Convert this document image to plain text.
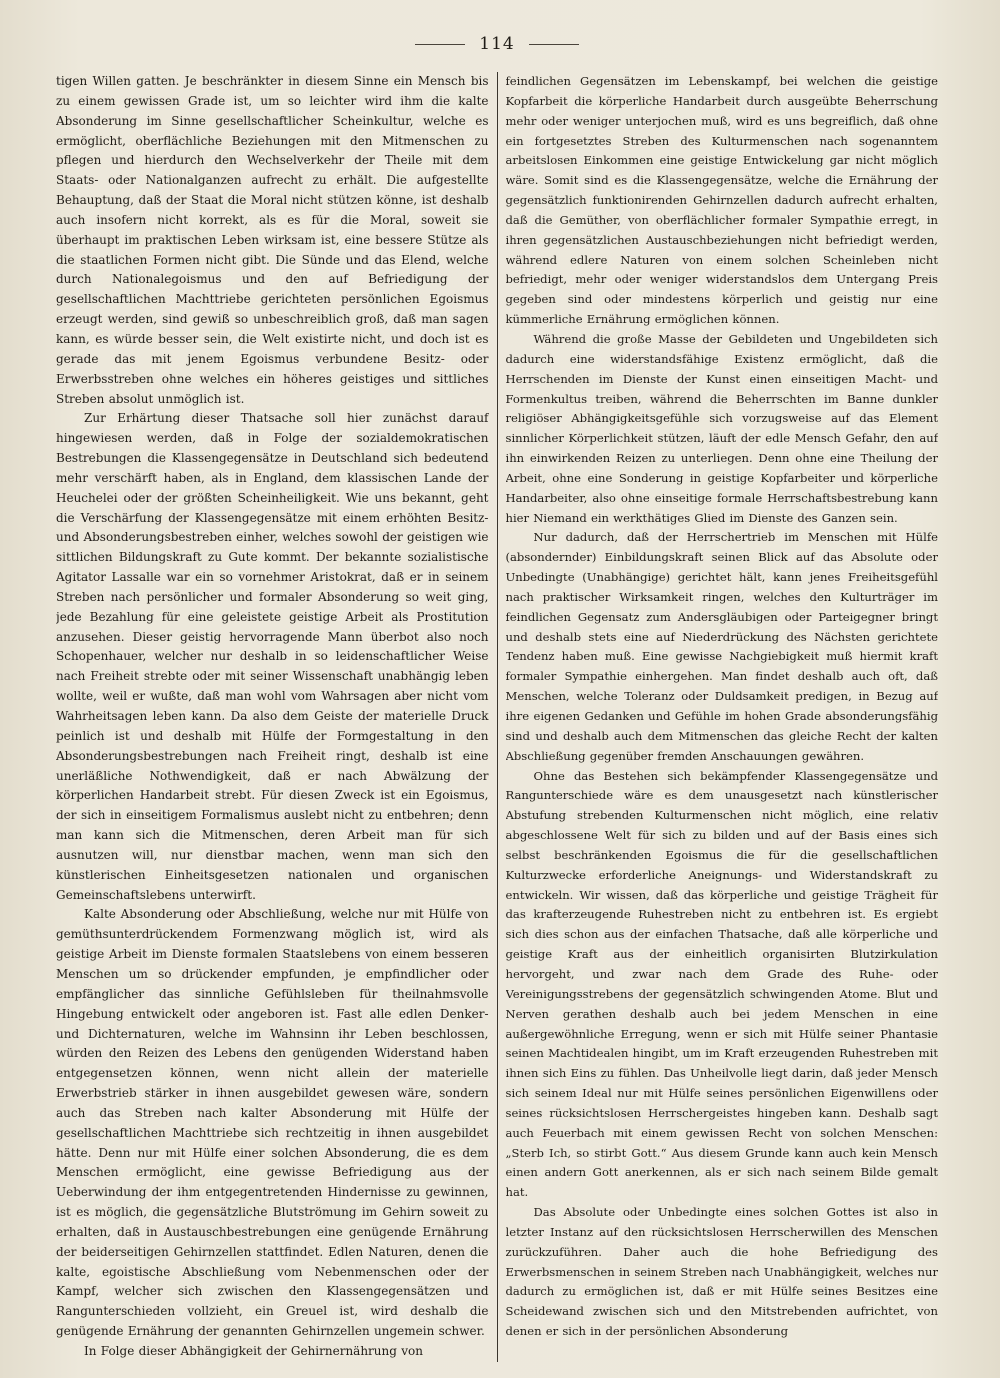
114

tigen Willen gatten. Je beschränkter in diesem Sinne ein Mensch bis zu einem gewissen Grade ist, um so leichter wird ihm die kalte Absonderung im Sinne gesellschaftlicher Scheinkultur, welche es ermöglicht, oberflächliche Beziehungen mit den Mitmenschen zu pflegen und hierdurch den Wechselverkehr der Theile mit dem Staats- oder Nationalganzen aufrecht zu erhält. Die aufgestellte Behauptung, daß der Staat die Moral nicht stützen könne, ist deshalb auch insofern nicht korrekt, als es für die Moral, soweit sie überhaupt im praktischen Leben wirksam ist, eine bessere Stütze als die staatlichen Formen nicht gibt. Die Sünde und das Elend, welche durch Nationalegoismus und den auf Befriedigung der gesellschaftlichen Machttriebe gerichteten persönlichen Egoismus erzeugt werden, sind gewiß so unbeschreiblich groß, daß man sagen kann, es würde besser sein, die Welt existirte nicht, und doch ist es gerade das mit jenem Egoismus verbundene Besitz- oder Erwerbsstreben ohne welches ein höheres geistiges und sittliches Streben absolut unmöglich ist.

Zur Erhärtung dieser Thatsache soll hier zunächst darauf hingewiesen werden, daß in Folge der sozialdemokratischen Bestrebungen die Klassengegensätze in Deutschland sich bedeutend mehr verschärft haben, als in England, dem klassischen Lande der Heuchelei oder der größten Scheinheiligkeit. Wie uns bekannt, geht die Verschärfung der Klassengegensätze mit einem erhöhten Besitz- und Absonderungsbestreben einher, welches sowohl der geistigen wie sittlichen Bildungskraft zu Gute kommt. Der bekannte sozialistische Agitator Lassalle war ein so vornehmer Aristokrat, daß er in seinem Streben nach persönlicher und formaler Absonderung so weit ging, jede Bezahlung für eine geleistete geistige Arbeit als Prostitution anzusehen. Dieser geistig hervorragende Mann überbot also noch Schopenhauer, welcher nur deshalb in so leidenschaftlicher Weise nach Freiheit strebte oder mit seiner Wissenschaft unabhängig leben wollte, weil er wußte, daß man wohl vom Wahrsagen aber nicht vom Wahrheitsagen leben kann. Da also dem Geiste der materielle Druck peinlich ist und deshalb mit Hülfe der Formgestaltung in den Absonderungsbestrebungen nach Freiheit ringt, deshalb ist eine unerläßliche Nothwendigkeit, daß er nach Abwälzung der körperlichen Handarbeit strebt. Für diesen Zweck ist ein Egoismus, der sich in einseitigem Formalismus auslebt nicht zu entbehren; denn man kann sich die Mitmenschen, deren Arbeit man für sich ausnutzen will, nur dienstbar machen, wenn man sich den künstlerischen Einheitsgesetzen nationalen und organischen Gemeinschaftslebens unterwirft.

Kalte Absonderung oder Abschließung, welche nur mit Hülfe von gemüthsunterdrückendem Formenzwang möglich ist, wird als geistige Arbeit im Dienste formalen Staatslebens von einem besseren Menschen um so drückender empfunden, je empfindlicher oder empfänglicher das sinnliche Gefühlsleben für theilnahmsvolle Hingebung entwickelt oder angeboren ist. Fast alle edlen Denker- und Dichternaturen, welche im Wahnsinn ihr Leben beschlossen, würden den Reizen des Lebens den genügenden Widerstand haben entgegensetzen können, wenn nicht allein der materielle Erwerbstrieb stärker in ihnen ausgebildet gewesen wäre, sondern auch das Streben nach kalter Absonderung mit Hülfe der gesellschaftlichen Machttriebe sich rechtzeitig in ihnen ausgebildet hätte. Denn nur mit Hülfe einer solchen Absonderung, die es dem Menschen ermöglicht, eine gewisse Befriedigung aus der Ueberwindung der ihm entgegentretenden Hindernisse zu gewinnen, ist es möglich, die gegensätzliche Blutströmung im Gehirn soweit zu erhalten, daß in Austauschbestrebungen eine genügende Ernährung der beiderseitigen Gehirnzellen stattfindet. Edlen Naturen, denen die kalte, egoistische Abschließung vom Nebenmenschen oder der Kampf, welcher sich zwischen den Klassengegensätzen und Rangunterschieden vollzieht, ein Greuel ist, wird deshalb die genügende Ernährung der genannten Gehirnzellen ungemein schwer.

In Folge dieser Abhängigkeit der Gehirnernährung von

feindlichen Gegensätzen im Lebenskampf, bei welchen die geistige Kopfarbeit die körperliche Handarbeit durch ausgeübte Beherrschung mehr oder weniger unterjochen muß, wird es uns begreiflich, daß ohne ein fortgesetztes Streben des Kulturmenschen nach sogenanntem arbeitslosen Einkommen eine geistige Entwickelung gar nicht möglich wäre. Somit sind es die Klassengegensätze, welche die Ernährung der gegensätzlich funktionirenden Gehirnzellen dadurch aufrecht erhalten, daß die Gemüther, von oberflächlicher formaler Sympathie erregt, in ihren gegensätzlichen Austauschbeziehungen nicht befriedigt werden, während edlere Naturen von einem solchen Scheinleben nicht befriedigt, mehr oder weniger widerstandslos dem Untergang Preis gegeben sind oder mindestens körperlich und geistig nur eine kümmerliche Ernährung ermöglichen können.

Während die große Masse der Gebildeten und Ungebildeten sich dadurch eine widerstandsfähige Existenz ermöglicht, daß die Herrschenden im Dienste der Kunst einen einseitigen Macht- und Formenkultus treiben, während die Beherrschten im Banne dunkler religiöser Abhängigkeitsgefühle sich vorzugsweise auf das Element sinnlicher Körperlichkeit stützen, läuft der edle Mensch Gefahr, den auf ihn einwirkenden Reizen zu unterliegen. Denn ohne eine Theilung der Arbeit, ohne eine Sonderung in geistige Kopfarbeiter und körperliche Handarbeiter, also ohne einseitige formale Herrschaftsbestrebung kann hier Niemand ein werkthätiges Glied im Dienste des Ganzen sein.

Nur dadurch, daß der Herrschertrieb im Menschen mit Hülfe (absondernder) Einbildungskraft seinen Blick auf das Absolute oder Unbedingte (Unabhängige) gerichtet hält, kann jenes Freiheitsgefühl nach praktischer Wirksamkeit ringen, welches den Kulturträger im feindlichen Gegensatz zum Andersgläubigen oder Parteigegner bringt und deshalb stets eine auf Niederdrückung des Nächsten gerichtete Tendenz haben muß. Eine gewisse Nachgiebigkeit muß hiermit kraft formaler Sympathie einhergehen. Man findet deshalb auch oft, daß Menschen, welche Toleranz oder Duldsamkeit predigen, in Bezug auf ihre eigenen Gedanken und Gefühle im hohen Grade absonderungsfähig sind und deshalb auch dem Mitmenschen das gleiche Recht der kalten Abschließung gegenüber fremden Anschauungen gewähren.

Ohne das Bestehen sich bekämpfender Klassengegensätze und Rangunterschiede wäre es dem unausgesetzt nach künstlerischer Abstufung strebenden Kulturmenschen nicht möglich, eine relativ abgeschlossene Welt für sich zu bilden und auf der Basis eines sich selbst beschränkenden Egoismus die für die gesellschaftlichen Kulturzwecke erforderliche Aneignungs- und Widerstandskraft zu entwickeln. Wir wissen, daß das körperliche und geistige Trägheit für das krafterzeugende Ruhestreben nicht zu entbehren ist. Es ergiebt sich dies schon aus der einfachen Thatsache, daß alle körperliche und geistige Kraft aus der einheitlich organisirten Blutzirkulation hervorgeht, und zwar nach dem Grade des Ruhe- oder Vereinigungsstrebens der gegensätzlich schwingenden Atome. Blut und Nerven gerathen deshalb auch bei jedem Menschen in eine außergewöhnliche Erregung, wenn er sich mit Hülfe seiner Phantasie seinen Machtidealen hingibt, um im Kraft erzeugenden Ruhestreben mit ihnen sich Eins zu fühlen. Das Unheilvolle liegt darin, daß jeder Mensch sich seinem Ideal nur mit Hülfe seines persönlichen Eigenwillens oder seines rücksichtslosen Herrschergeistes hingeben kann. Deshalb sagt auch Feuerbach mit einem gewissen Recht von solchen Menschen: „Sterb Ich, so stirbt Gott.“ Aus diesem Grunde kann auch kein Mensch einen andern Gott anerkennen, als er sich nach seinem Bilde gemalt hat.

Das Absolute oder Unbedingte eines solchen Gottes ist also in letzter Instanz auf den rücksichtslosen Herrscherwillen des Menschen zurückzuführen. Daher auch die hohe Befriedigung des Erwerbsmenschen in seinem Streben nach Unabhängigkeit, welches nur dadurch zu ermöglichen ist, daß er mit Hülfe seines Besitzes eine Scheidewand zwischen sich und den Mitstrebenden aufrichtet, von denen er sich in der persönlichen Absonderung
